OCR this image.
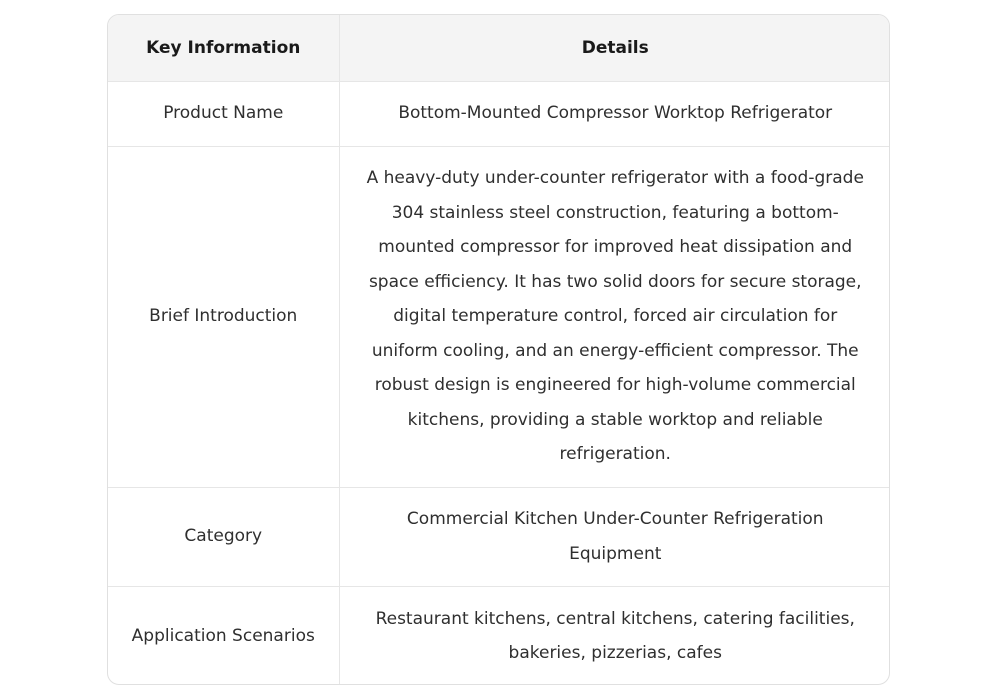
Key Information	Details
Product Name	Bottom-Mounted Compressor Worktop Refrigerator
Brief Introduction	A heavy-duty under-counter refrigerator with a food-grade 304 stainless steel construction, featuring a bottom-mounted compressor for improved heat dissipation and space efficiency. It has two solid doors for secure storage, digital temperature control, forced air circulation for uniform cooling, and an energy-efficient compressor. The robust design is engineered for high-volume commercial kitchens, providing a stable worktop and reliable refrigeration.
Category	Commercial Kitchen Under-Counter Refrigeration Equipment
Application Scenarios	Restaurant kitchens, central kitchens, catering facilities, bakeries, pizzerias, cafes
